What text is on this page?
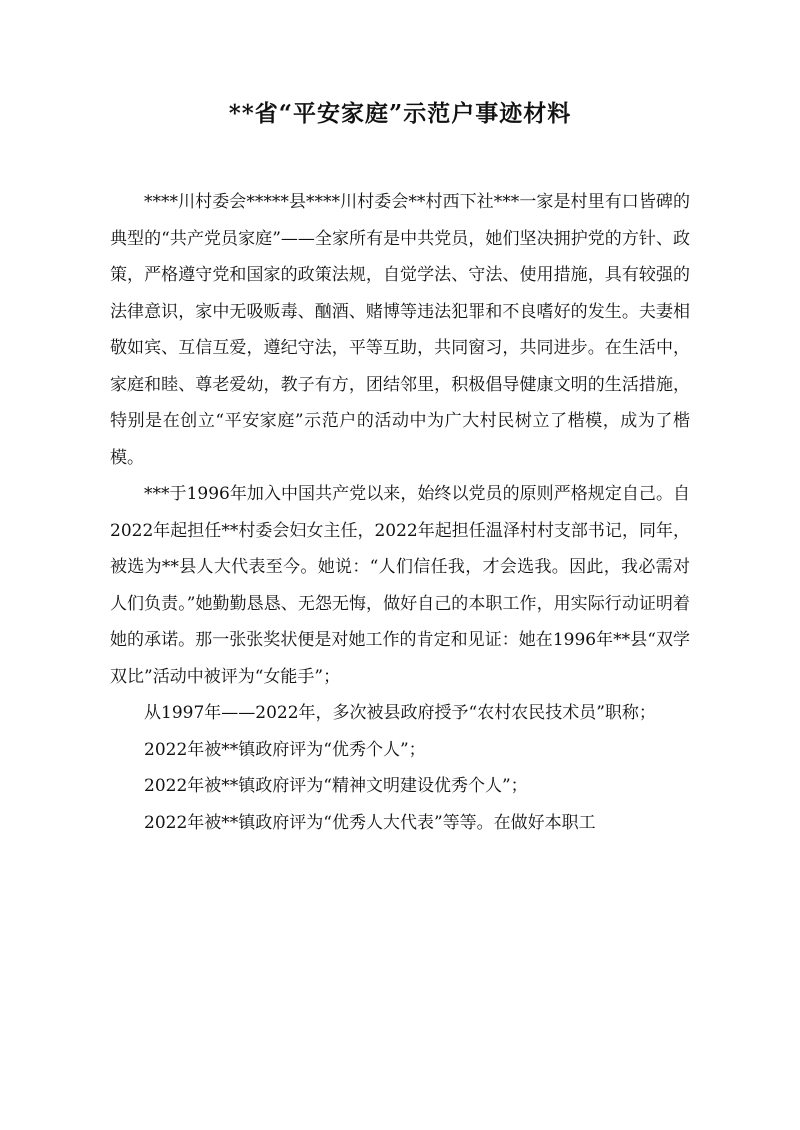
**省“平安家庭”示范户事迹材料

****川村委会*****县****川村委会**村西下社***一家是村里有口皆碑的典型的“共产党员家庭”——全家所有是中共党员，她们坚决拥护党的方针、政策，严格遵守党和国家的政策法规，自觉学法、守法、使用措施，具有较强的法律意识，家中无吸贩毒、酗酒、赌博等违法犯罪和不良嗜好的发生。夫妻相敬如宾、互信互爱，遵纪守法，平等互助，共同窗习，共同进步。在生活中，家庭和睦、尊老爱幼，教子有方，团结邻里，积极倡导健康文明的生活措施，特别是在创立“平安家庭”示范户的活动中为广大村民树立了楷模，成为了楷模。

***于1996年加入中国共产党以来，始终以党员的原则严格规定自己。自2022年起担任**村委会妇女主任，2022年起担任温泽村村支部书记，同年，被选为**县人大代表至今。她说：“人们信任我，才会选我。因此，我必需对人们负责。”她勤勤恳恳、无怨无悔，做好自己的本职工作，用实际行动证明着她的承诺。那一张张奖状便是对她工作的肯定和见证：她在1996年**县“双学双比”活动中被评为“女能手”；

从1997年——2022年，多次被县政府授予“农村农民技术员”职称；

2022年被**镇政府评为“优秀个人”；

2022年被**镇政府评为“精神文明建设优秀个人”；

2022年被**镇政府评为“优秀人大代表”等等。在做好本职工
